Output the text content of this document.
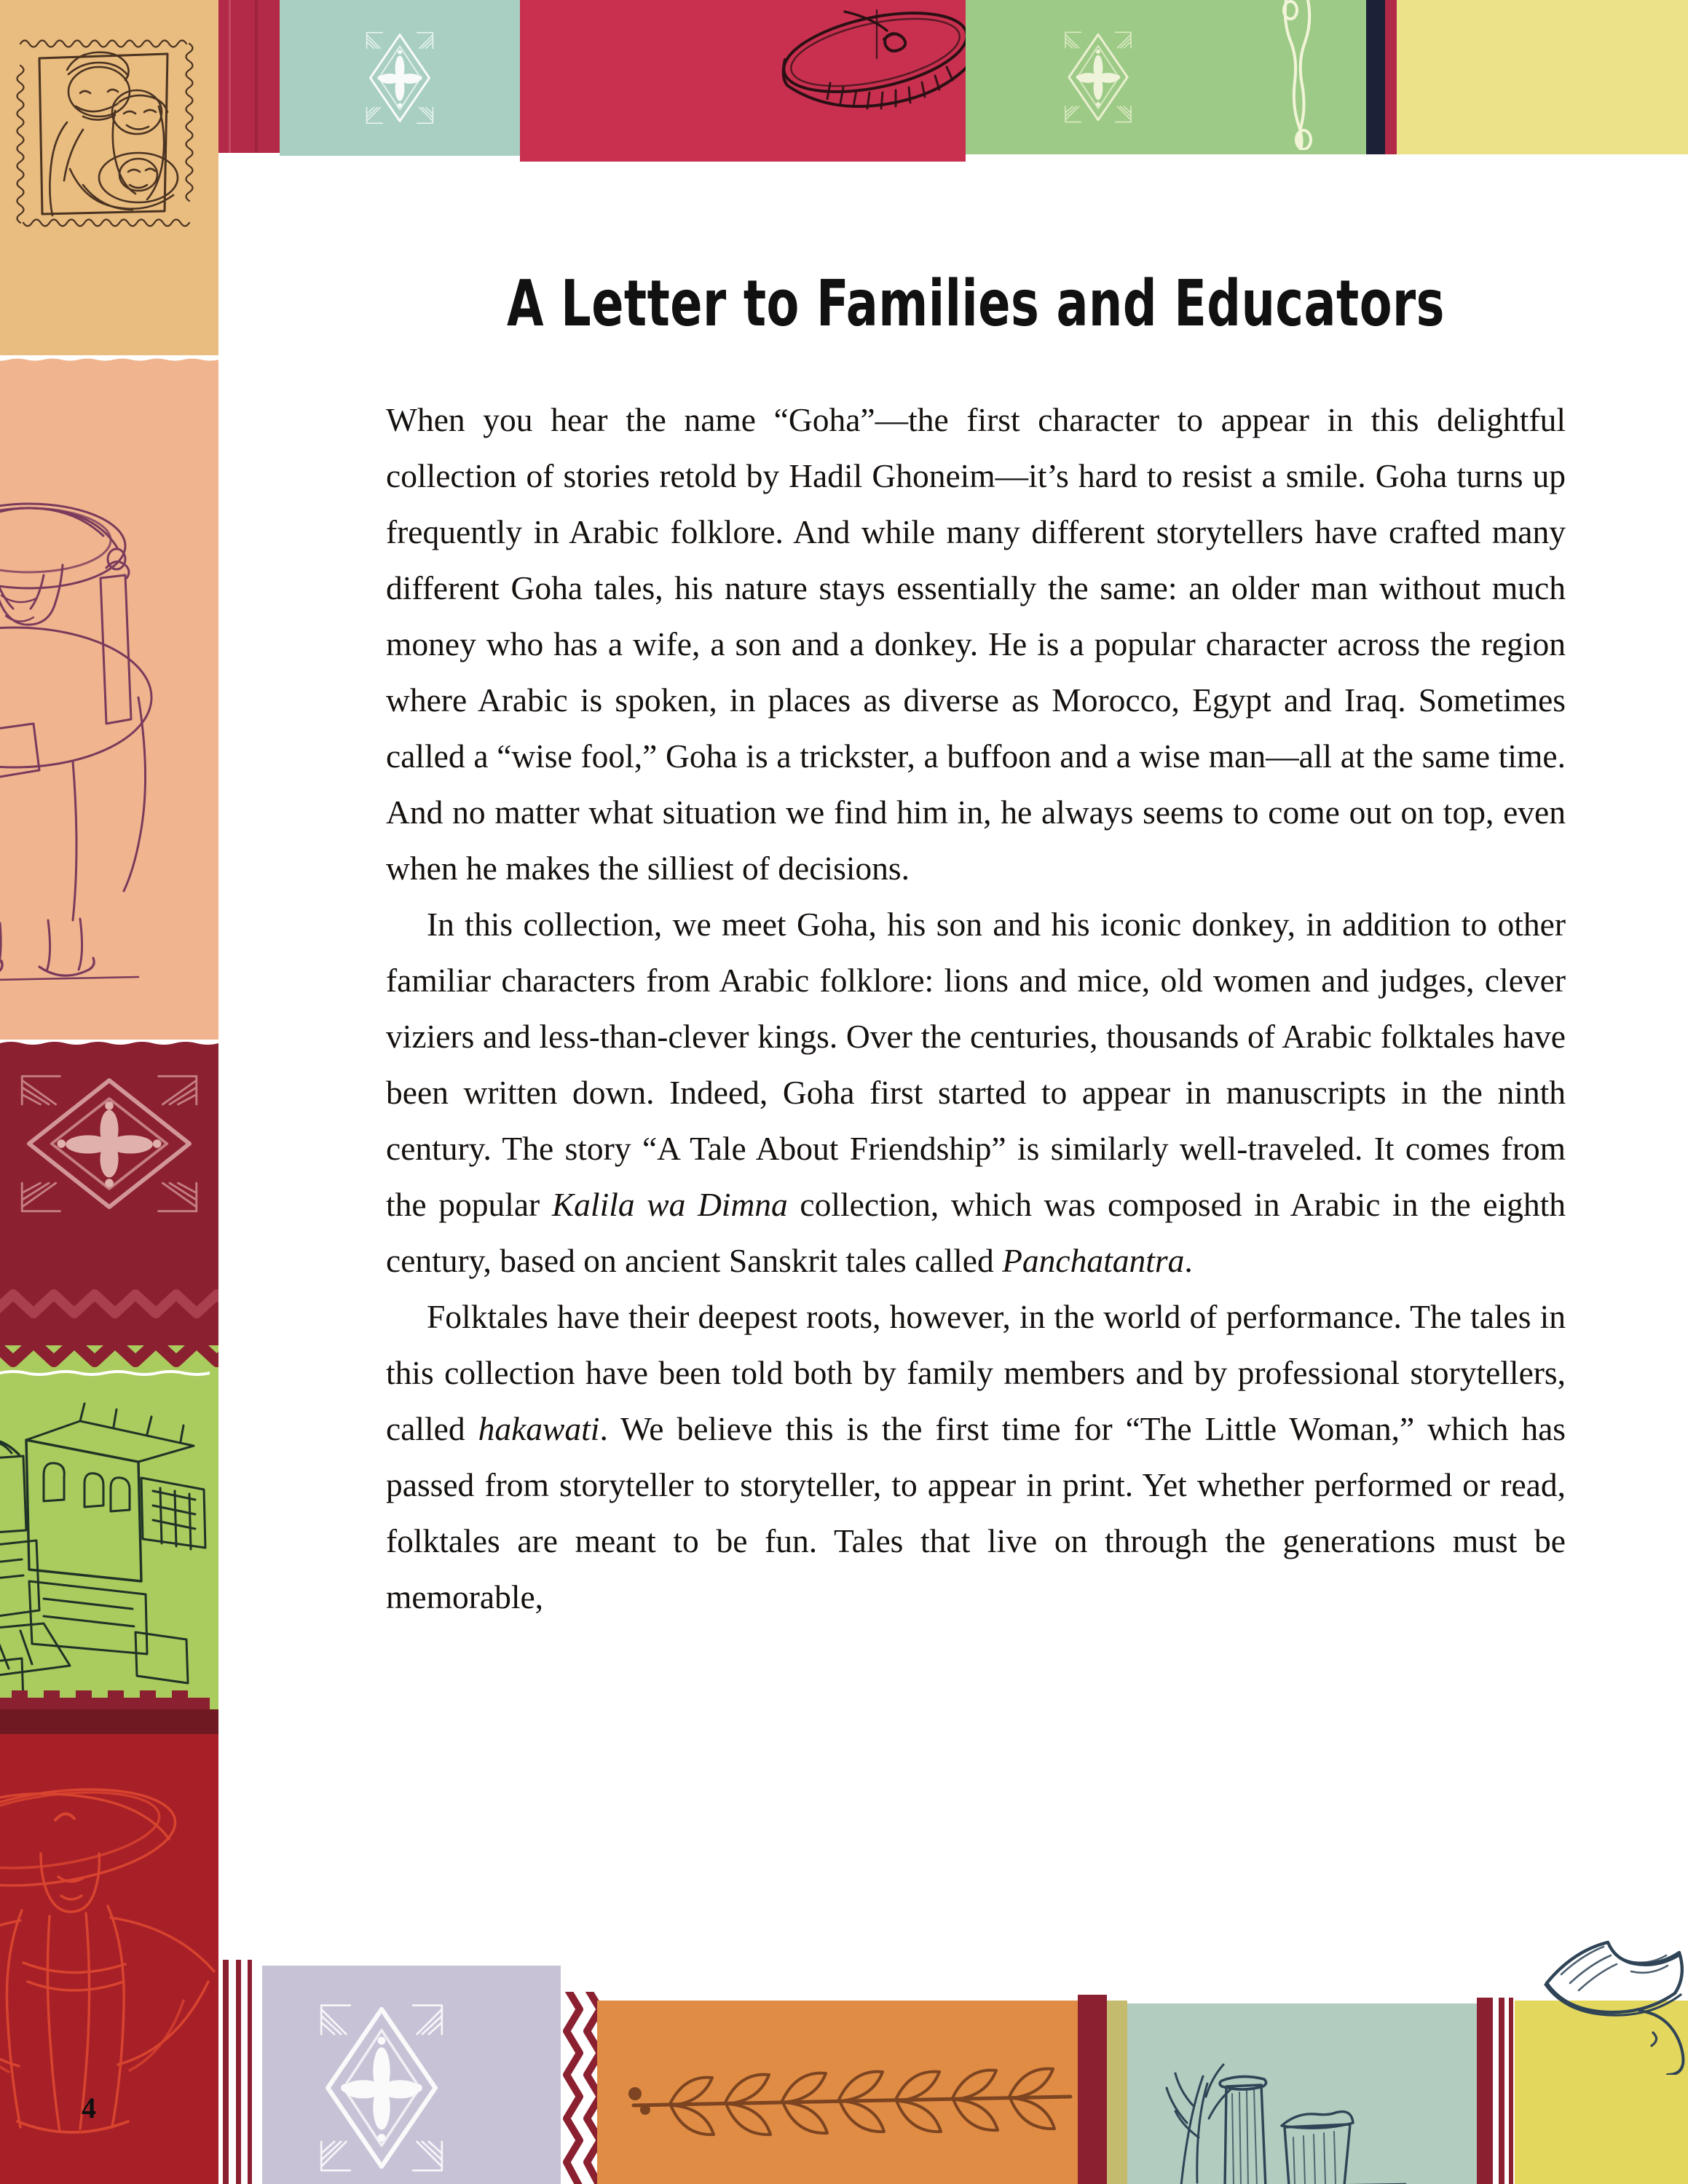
A Letter to Families and Educators

When you hear the name “Goha”—the first character to appear in this delightful collection of stories retold by Hadil Ghoneim—it’s hard to resist a smile. Goha turns up frequently in Arabic folklore. And while many different storytellers have crafted many different Goha tales, his nature stays essentially the same: an older man without much money who has a wife, a son and a donkey. He is a popular character across the region where Arabic is spoken, in places as diverse as Morocco, Egypt and Iraq. Sometimes called a “wise fool,” Goha is a trickster, a buffoon and a wise man—all at the same time. And no matter what situation we find him in, he always seems to come out on top, even when he makes the silliest of decisions.

In this collection, we meet Goha, his son and his iconic donkey, in addition to other familiar characters from Arabic folklore: lions and mice, old women and judges, clever viziers and less-than-clever kings. Over the centuries, thousands of Arabic folktales have been written down. Indeed, Goha first started to appear in manuscripts in the ninth century. The story “A Tale About Friendship” is similarly well-traveled. It comes from the popular Kalila wa Dimna collection, which was composed in Arabic in the eighth century, based on ancient Sanskrit tales called Panchatantra.

Folktales have their deepest roots, however, in the world of performance. The tales in this collection have been told both by family members and by professional storytellers, called hakawati. We believe this is the first time for “The Little Woman,” which has passed from storyteller to storyteller, to appear in print. Yet whether performed or read, folktales are meant to be fun. Tales that live on through the generations must be memorable,

4
